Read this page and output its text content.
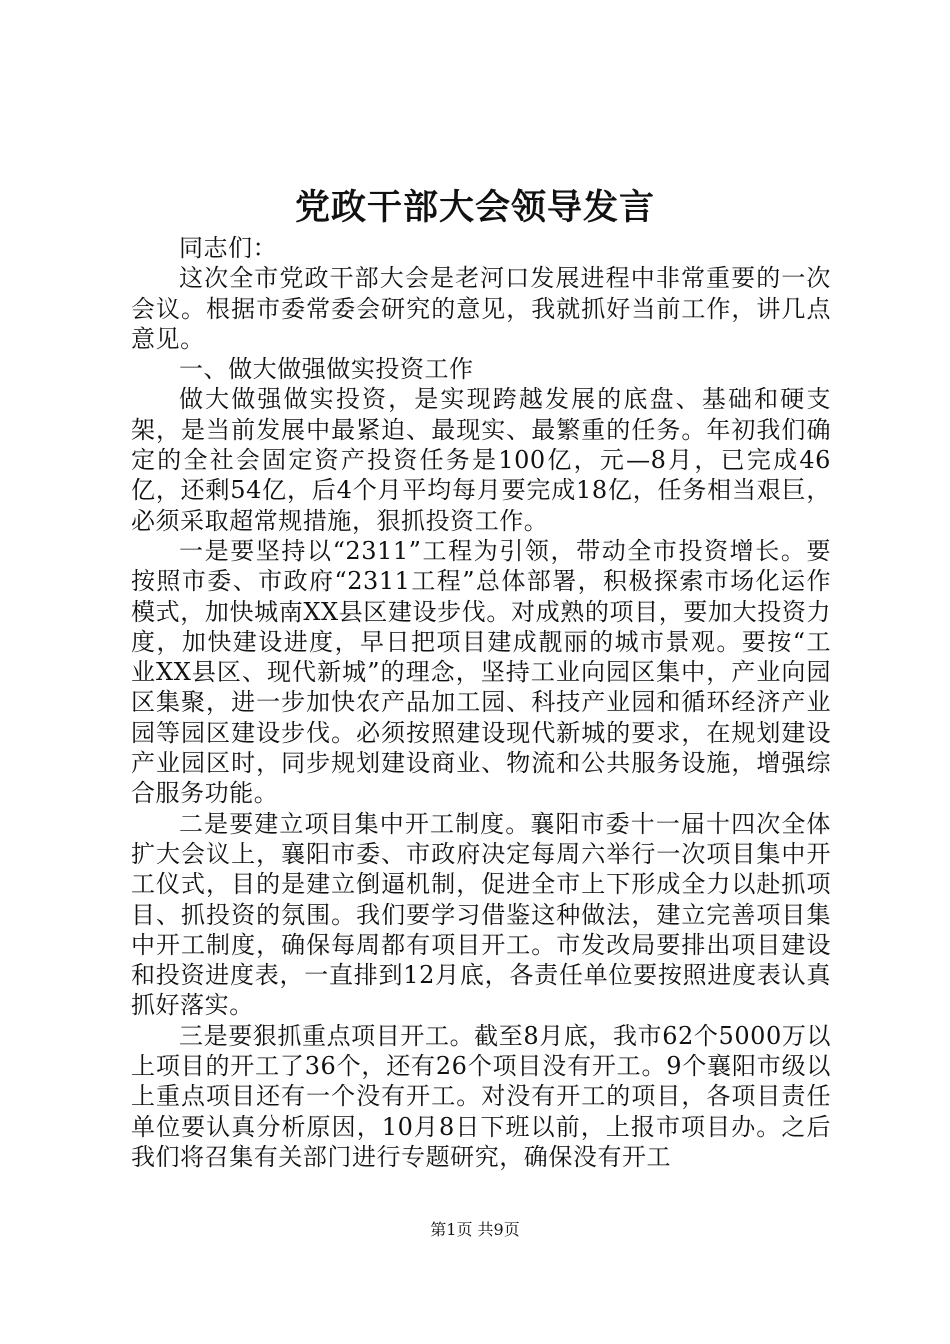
党政干部大会领导发言

同志们：

这次全市党政干部大会是老河口发展进程中非常重要的一次会议。根据市委常委会研究的意见，我就抓好当前工作，讲几点意见。

一、做大做强做实投资工作

做大做强做实投资，是实现跨越发展的底盘、基础和硬支架，是当前发展中最紧迫、最现实、最繁重的任务。年初我们确定的全社会固定资产投资任务是100亿，元—8月，已完成46亿，还剩54亿，后4个月平均每月要完成18亿，任务相当艰巨，必须采取超常规措施，狠抓投资工作。

一是要坚持以“2311”工程为引领，带动全市投资增长。要按照市委、市政府“2311工程”总体部署，积极探索市场化运作模式，加快城南XX县区建设步伐。对成熟的项目，要加大投资力度，加快建设进度，早日把项目建成靓丽的城市景观。要按“工业XX县区、现代新城”的理念，坚持工业向园区集中，产业向园区集聚，进一步加快农产品加工园、科技产业园和循环经济产业园等园区建设步伐。必须按照建设现代新城的要求，在规划建设产业园区时，同步规划建设商业、物流和公共服务设施，增强综合服务功能。

二是要建立项目集中开工制度。襄阳市委十一届十四次全体扩大会议上，襄阳市委、市政府决定每周六举行一次项目集中开工仪式，目的是建立倒逼机制，促进全市上下形成全力以赴抓项目、抓投资的氛围。我们要学习借鉴这种做法，建立完善项目集中开工制度，确保每周都有项目开工。市发改局要排出项目建设和投资进度表，一直排到12月底，各责任单位要按照进度表认真抓好落实。

三是要狠抓重点项目开工。截至8月底，我市62个5000万以上项目的开工了36个，还有26个项目没有开工。9个襄阳市级以上重点项目还有一个没有开工。对没有开工的项目，各项目责任单位要认真分析原因，10月8日下班以前，上报市项目办。之后我们将召集有关部门进行专题研究，确保没有开工

第1页 共9页
